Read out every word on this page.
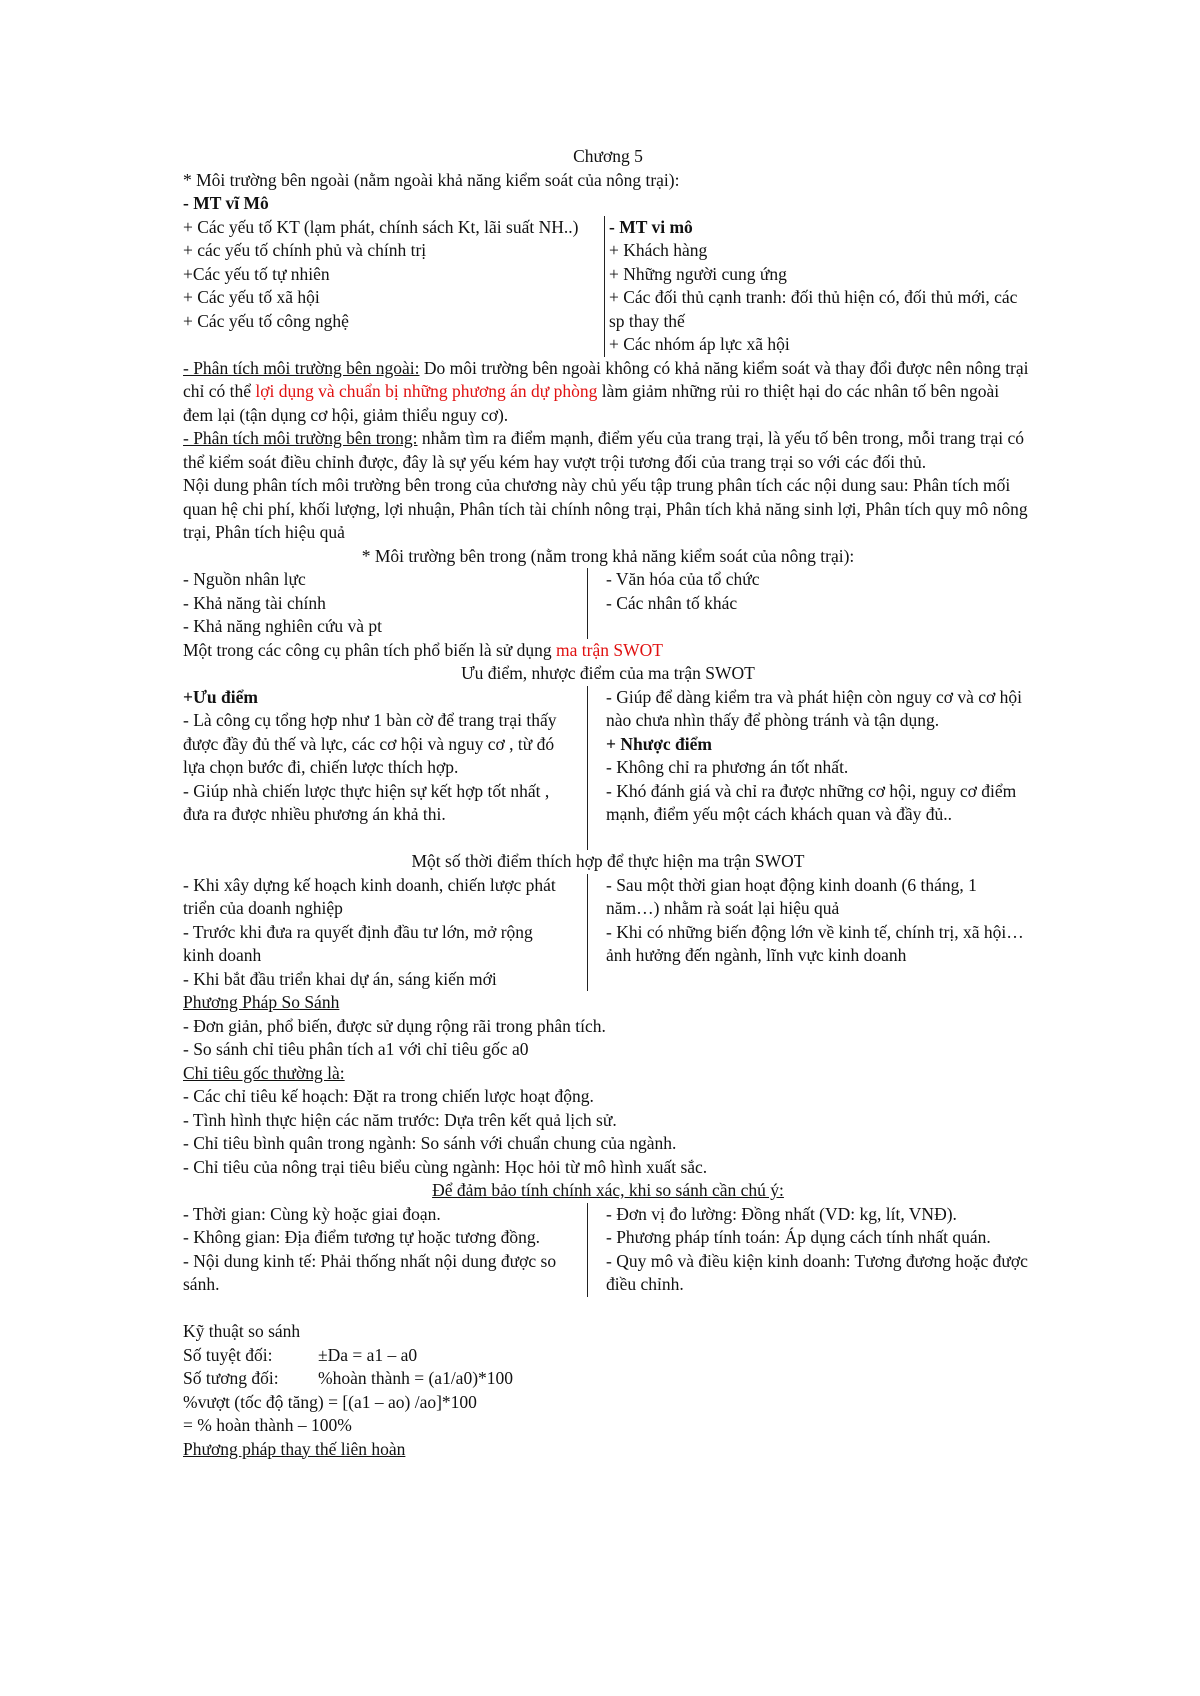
Chương 5

* Môi trường bên ngoài (nằm ngoài khả năng kiểm soát của nông trại):

- MT vĩ Mô

+ Các yếu tố KT (lạm phát, chính sách Kt, lãi suất NH..)

+ các yếu tố chính phủ và chính trị

+Các yếu tố tự nhiên

+ Các yếu tố xã hội

+ Các yếu tố công nghệ

- MT vi mô

+ Khách hàng

+ Những người cung ứng

+ Các đối thủ cạnh tranh: đối thủ hiện có, đối thủ mới, các sp thay thế

+ Các nhóm áp lực xã hội

- Phân tích môi trường bên ngoài: Do môi trường bên ngoài không có khả năng kiểm soát và thay đổi được nên nông trại chỉ có thể lợi dụng và chuẩn bị những phương án dự phòng làm giảm những rủi ro thiệt hại do các nhân tố bên ngoài đem lại (tận dụng cơ hội, giảm thiểu nguy cơ).

- Phân tích môi trường bên trong: nhằm tìm ra điểm mạnh, điểm yếu của trang trại, là yếu tố bên trong, mỗi trang trại có thể kiểm soát điều chỉnh được, đây là sự yếu kém hay vượt trội tương đối của trang trại so với các đối thủ.

Nội dung phân tích môi trường bên trong của chương này chủ yếu tập trung phân tích các nội dung sau: Phân tích mối quan hệ chi phí, khối lượng, lợi nhuận, Phân tích tài chính nông trại, Phân tích khả năng sinh lợi, Phân tích quy mô nông trại, Phân tích hiệu quả

* Môi trường bên trong (nằm trong khả năng kiểm soát của nông trại):

- Nguồn nhân lực

- Khả năng tài chính

- Khả năng nghiên cứu và pt

- Văn hóa của tổ chức

- Các nhân tố khác

Một trong các công cụ phân tích phổ biến là sử dụng ma trận SWOT

Ưu điểm, nhược điểm của ma trận SWOT

+Ưu điểm

- Là công cụ tổng hợp như 1 bàn cờ để trang trại thấy được đầy đủ thế và lực, các cơ hội và nguy cơ , từ đó lựa chọn bước đi, chiến lược thích hợp.

- Giúp nhà chiến lược thực hiện sự kết hợp tốt nhất , đưa ra được nhiều phương án khả thi.

- Giúp để dàng kiểm tra và phát hiện còn nguy cơ và cơ hội nào chưa nhìn thấy để phòng tránh và tận dụng.

+ Nhược điểm

- Không chỉ ra phương án tốt nhất.

- Khó đánh giá và chỉ ra được những cơ hội, nguy cơ điểm mạnh, điểm yếu một cách khách quan và đầy đủ..

Một số thời điểm thích hợp để thực hiện ma trận SWOT

- Khi xây dựng kế hoạch kinh doanh, chiến lược phát triển của doanh nghiệp

- Trước khi đưa ra quyết định đầu tư lớn, mở rộng kinh doanh

- Khi bắt đầu triển khai dự án, sáng kiến mới

- Sau một thời gian hoạt động kinh doanh (6 tháng, 1 năm…) nhằm rà soát lại hiệu quả

- Khi có những biến động lớn về kinh tế, chính trị, xã hội…ảnh hưởng đến ngành, lĩnh vực kinh doanh

Phương Pháp So Sánh

- Đơn giản, phổ biến, được sử dụng rộng rãi trong phân tích.

- So sánh chỉ tiêu phân tích a1 với chỉ tiêu gốc a0

Chỉ tiêu gốc thường là:

- Các chỉ tiêu kế hoạch: Đặt ra trong chiến lược hoạt động.

- Tình hình thực hiện các năm trước: Dựa trên kết quả lịch sử.

- Chỉ tiêu bình quân trong ngành: So sánh với chuẩn chung của ngành.

- Chỉ tiêu của nông trại tiêu biểu cùng ngành: Học hỏi từ mô hình xuất sắc.

Để đảm bảo tính chính xác, khi so sánh cần chú ý:

- Thời gian: Cùng kỳ hoặc giai đoạn.

- Không gian: Địa điểm tương tự hoặc tương đồng.

- Nội dung kinh tế: Phải thống nhất nội dung được so sánh.

- Đơn vị đo lường: Đồng nhất (VD: kg, lít, VNĐ).

- Phương pháp tính toán: Áp dụng cách tính nhất quán.

- Quy mô và điều kiện kinh doanh: Tương đương hoặc được điều chỉnh.

Kỹ thuật so sánh

Số tuyệt đối:	±Da = a1 – a0

Số tương đối: %hoàn thành = (a1/a0)*100

%vượt (tốc độ tăng) = [(a1 – ao) /ao]*100

= % hoàn thành – 100%

Phương pháp thay thế liên hoàn
